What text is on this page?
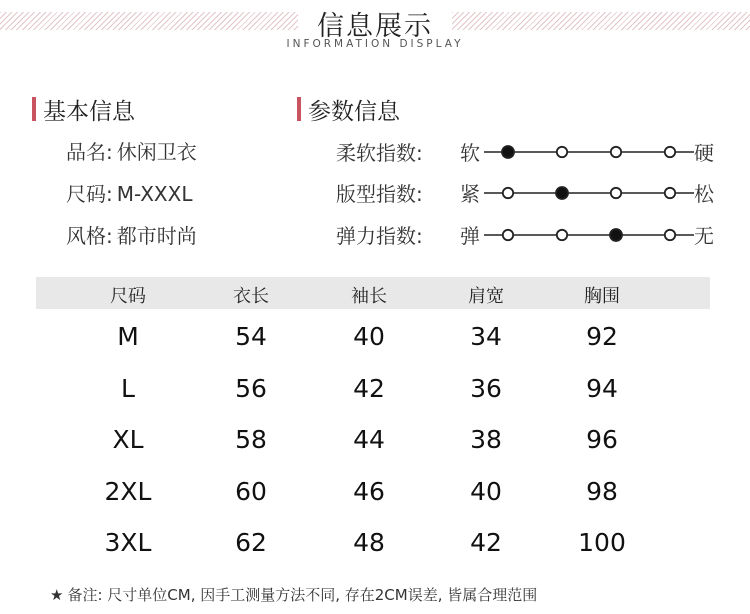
信息展示
INFORMATION DISPLAY
基本信息
品名: 休闲卫衣
尺码: M-XXXL
风格: 都市时尚
参数信息
柔软指数: 软	硬
版型指数: 紧	松
弹力指数: 弹	无
尺码	衣长	袖长	肩宽	胸围
M	54	40	34	92
L	56	42	36	94
XL	58	44	38	96
2XL	60	46	40	98
3XL	62	48	42	100
★ 备注: 尺寸单位CM, 因手工测量方法不同, 存在2CM误差, 皆属合理范围
